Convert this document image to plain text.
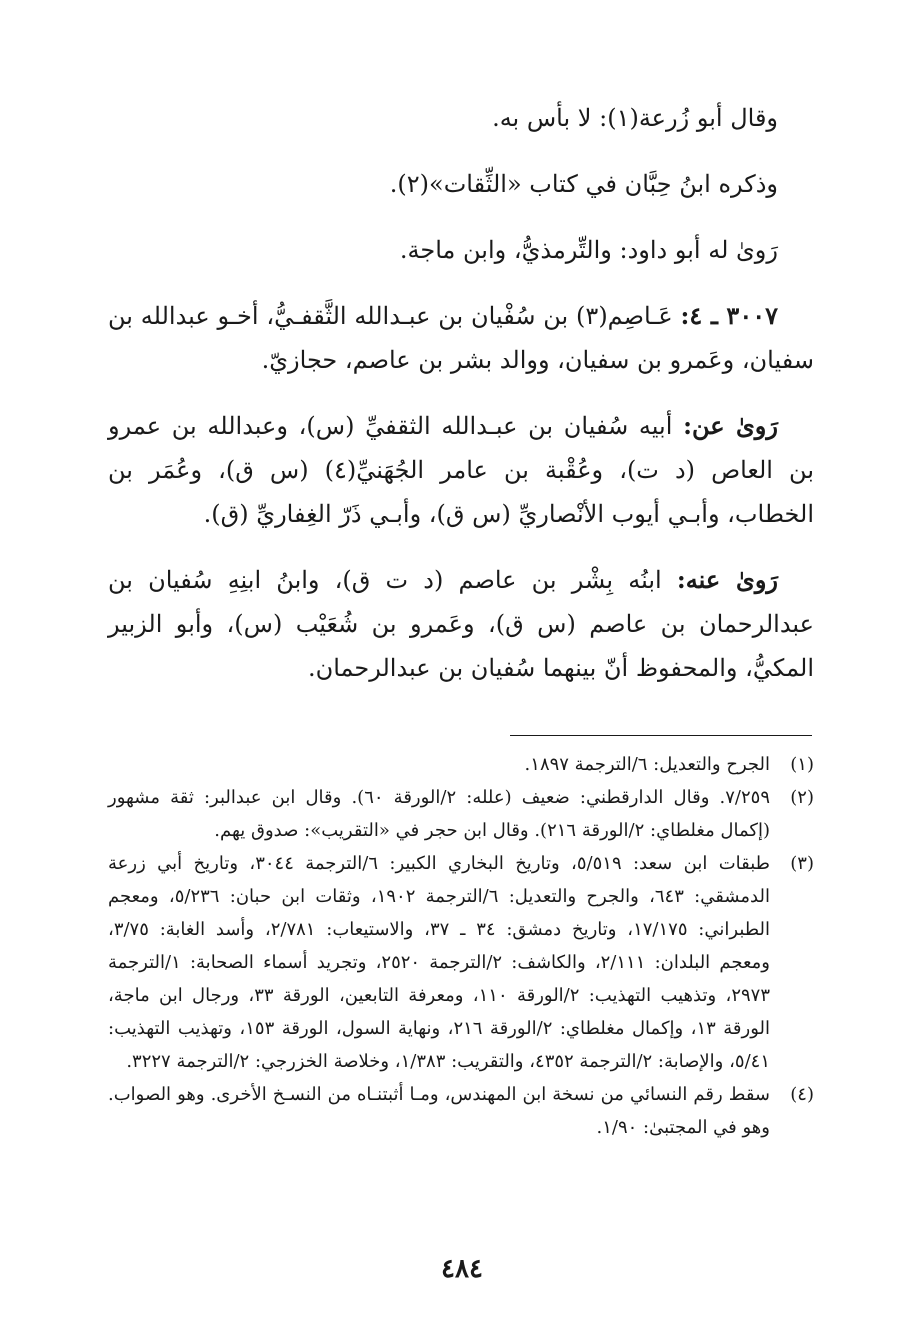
وقال أبو زُرعة(١): لا بأس به.

وذكره ابنُ حِبَّان في كتاب «الثِّقات»(٢).

رَوىٰ له أبو داود: والتِّرمذيُّ، وابن ماجة.

٣٠٠٧ ـ ٤: عَـاصِم(٣) بن سُفْيان بن عبـدالله الثَّقفـيُّ، أخـو عبدالله بن سفيان، وعَمرو بن سفيان، ووالد بشر بن عاصم، حجازيّ.

رَوىٰ عن: أبيه سُفيان بن عبـدالله الثقفيِّ (س)، وعبدالله بن عمرو بن العاص (د ت)، وعُقْبة بن عامر الجُهَنيِّ(٤) (س ق)، وعُمَر بن الخطاب، وأبـي أيوب الأنْصاريِّ (س ق)، وأبـي ذَرّ الغِفاريِّ (ق).

رَوىٰ عنه: ابنُه بِشْر بن عاصم (د ت ق)، وابنُ ابنِهِ سُفيان بن عبدالرحمان بن عاصم (س ق)، وعَمرو بن شُعَيْب (س)، وأبو الزبير المكيُّ، والمحفوظ أنّ بينهما سُفيان بن عبدالرحمان.

(١)
الجرح والتعديل: ٦/الترجمة ١٨٩٧.

(٢)
٧/٢٥٩. وقال الدارقطني: ضعيف (علله: ٢/الورقة ٦٠). وقال ابن عبدالبر: ثقة مشهور (إكمال مغلطاي: ٢/الورقة ٢١٦). وقال ابن حجر في «التقريب»: صدوق يهم.

(٣)
طبقات ابن سعد: ٥/٥١٩، وتاريخ البخاري الكبير: ٦/الترجمة ٣٠٤٤، وتاريخ أبي زرعة الدمشقي: ٦٤٣، والجرح والتعديل: ٦/الترجمة ١٩٠٢، وثقات ابن حبان: ٥/٢٣٦، ومعجم الطبراني: ١٧/١٧٥، وتاريخ دمشق: ٣٤ ـ ٣٧، والاستيعاب: ٢/٧٨١، وأسد الغابة: ٣/٧٥، ومعجم البلدان: ٢/١١١، والكاشف: ٢/الترجمة ٢٥٢٠، وتجريد أسماء الصحابة: ١/الترجمة ٢٩٧٣، وتذهيب التهذيب: ٢/الورقة ١١٠، ومعرفة التابعين، الورقة ٣٣، ورجال ابن ماجة، الورقة ١٣، وإكمال مغلطاي: ٢/الورقة ٢١٦، ونهاية السول، الورقة ١٥٣، وتهذيب التهذيب: ٥/٤١، والإصابة: ٢/الترجمة ٤٣٥٢، والتقريب: ١/٣٨٣، وخلاصة الخزرجي: ٢/الترجمة ٣٢٢٧.

(٤)
سقط رقم النسائي من نسخة ابن المهندس، ومـا أثبتنـاه من النسـخ الأخرى. وهو الصواب. وهو في المجتبىٰ: ١/٩٠.

٤٨٤
